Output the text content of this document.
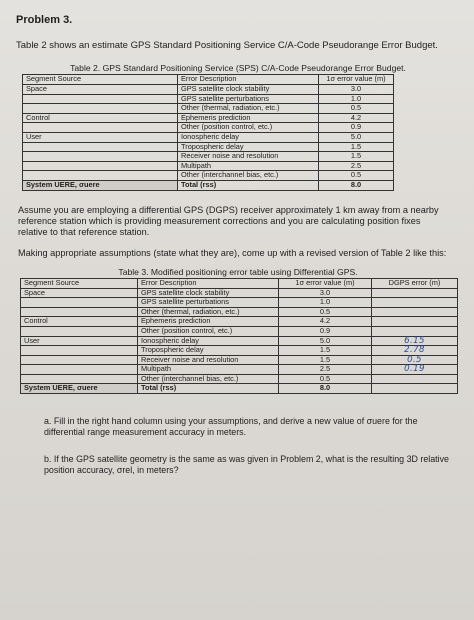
Problem 3.
Table 2 shows an estimate GPS Standard Positioning Service C/A-Code Pseudorange Error Budget.
Table 2. GPS Standard Positioning Service (SPS) C/A-Code Pseudorange Error Budget.
Segment Source	Error Description	1σ error value (m)
Space	GPS satellite clock stability	3.0
	GPS satellite perturbations	1.0
	Other (thermal, radiation, etc.)	0.5
Control	Ephemeris prediction	4.2
	Other (position control, etc.)	0.9
User	Ionospheric delay	5.0
	Tropospheric delay	1.5
	Receiver noise and resolution	1.5
	Multipath	2.5
	Other (interchannel bias, etc.)	0.5
System UERE, σuere	Total (rss)	8.0
Assume you are employing a differential GPS (DGPS) receiver approximately 1 km away from a nearby reference station which is providing measurement corrections and you are calculating position fixes relative to that reference station.
Making appropriate assumptions (state what they are), come up with a revised version of Table 2 like this:
Table 3. Modified positioning error table using Differential GPS.
Segment Source	Error Description	1σ error value (m)	DGPS error (m)
Space	GPS satellite clock stability	3.0	
	GPS satellite perturbations	1.0	
	Other (thermal, radiation, etc.)	0.5	
Control	Ephemeris prediction	4.2	
	Other (position control, etc.)	0.9	
User	Ionospheric delay	5.0	6.15
	Tropospheric delay	1.5	2.78
	Receiver noise and resolution	1.5	0.5
	Multipath	2.5	0.19
	Other (interchannel bias, etc.)	0.5	
System UERE, σuere	Total (rss)	8.0	
a. Fill in the right hand column using your assumptions, and derive a new value of σuere for the differential range measurement accuracy in meters.
b. If the GPS satellite geometry is the same as was given in Problem 2, what is the resulting 3D relative position accuracy, σrel, in meters?
